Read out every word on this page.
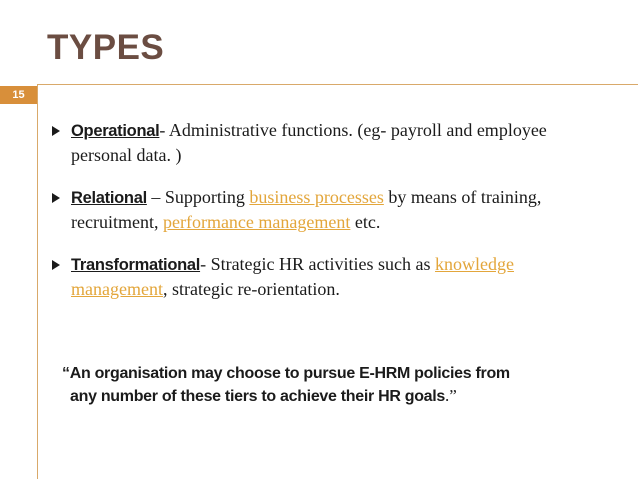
TYPES
15
Operational- Administrative functions. (eg- payroll and employee personal data. )
Relational – Supporting business processes by means of training, recruitment, performance management etc.
Transformational- Strategic HR activities such as knowledge management, strategic re-orientation.
“An organisation may choose to pursue E-HRM policies from
any number of these tiers to achieve their HR goals.”
